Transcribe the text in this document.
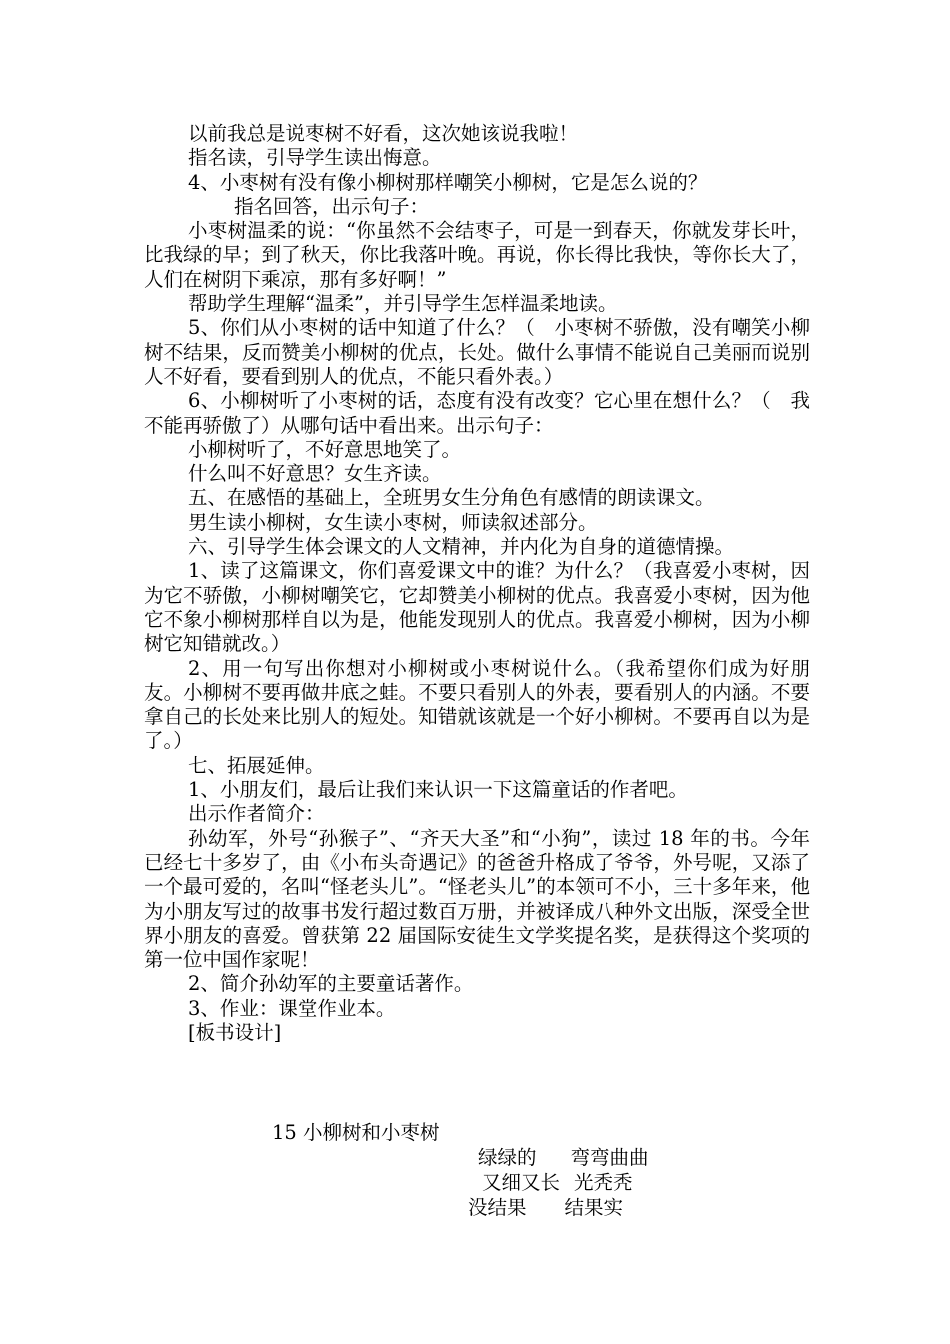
以前我总是说枣树不好看，这次她该说我啦！

指名读，引导学生读出悔意。

4、小枣树有没有像小柳树那样嘲笑小柳树，它是怎么说的？

指名回答，出示句子：

小枣树温柔的说：“你虽然不会结枣子，可是一到春天，你就发芽长叶，比我绿的早；到了秋天，你比我落叶晚。再说，你长得比我快，等你长大了，人们在树阴下乘凉，那有多好啊！”

帮助学生理解“温柔”，并引导学生怎样温柔地读。

5、你们从小枣树的话中知道了什么？（　小枣树不骄傲，没有嘲笑小柳树不结果，反而赞美小柳树的优点，长处。做什么事情不能说自己美丽而说别人不好看，要看到别人的优点，不能只看外表。）

6、小柳树听了小枣树的话，态度有没有改变？它心里在想什么？（　我不能再骄傲了）从哪句话中看出来。出示句子：

小柳树听了，不好意思地笑了。

什么叫不好意思？女生齐读。

五、在感悟的基础上，全班男女生分角色有感情的朗读课文。

男生读小柳树，女生读小枣树，师读叙述部分。

六、引导学生体会课文的人文精神，并内化为自身的道德情操。

1、读了这篇课文，你们喜爱课文中的谁？为什么？（我喜爱小枣树，因为它不骄傲，小柳树嘲笑它，它却赞美小柳树的优点。我喜爱小枣树，因为他它不象小柳树那样自以为是，他能发现别人的优点。我喜爱小柳树，因为小柳树它知错就改。）

2、用一句写出你想对小柳树或小枣树说什么。（我希望你们成为好朋友。小柳树不要再做井底之蛙。不要只看别人的外表，要看别人的内涵。不要拿自己的长处来比别人的短处。知错就该就是一个好小柳树。不要再自以为是了。）

七、拓展延伸。

1、小朋友们，最后让我们来认识一下这篇童话的作者吧。

出示作者简介：

孙幼军，外号“孙猴子”、“齐天大圣”和“小狗”，读过 18 年的书。今年已经七十多岁了，由《小布头奇遇记》的爸爸升格成了爷爷，外号呢，又添了一个最可爱的，名叫“怪老头儿”。“怪老头儿”的本领可不小，三十多年来，他为小朋友写过的故事书发行超过数百万册，并被译成八种外文出版，深受全世界小朋友的喜爱。曾获第 22 届国际安徒生文学奖提名奖，是获得这个奖项的第一位中国作家呢！

2、简介孙幼军的主要童话著作。

3、作业：课堂作业本。

[板书设计]

15 小柳树和小枣树
绿绿的 弯弯曲曲
又细又长 光秃秃
没结果 结果实
